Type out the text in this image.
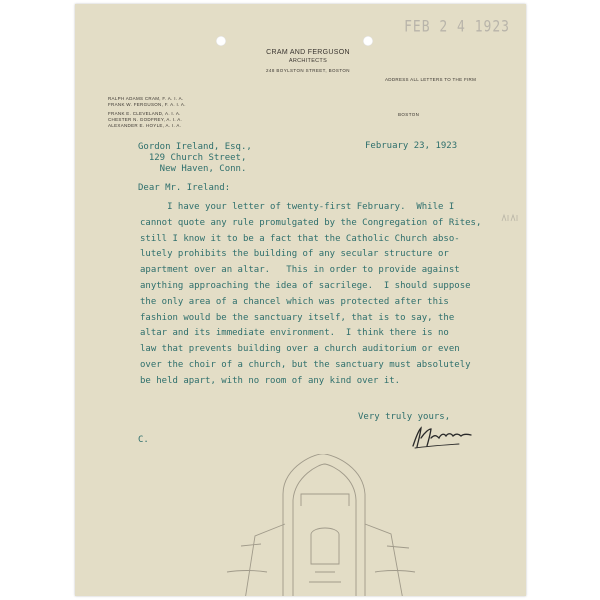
FEB 2 4 1923
CRAM AND FERGUSON
ARCHITECTS
248 BOYLSTON STREET, BOSTON
RALPH ADAMS CRAM, F. A. I. A.
FRANK W. FERGUSON, F. A. I. A.
FRANK E. CLEVELAND, A. I. A.
CHESTER N. GODFREY, A. I. A.
ALEXANDER E. HOYLE, A. I. A.
ADDRESS ALL LETTERS TO THE FIRM
BOSTON
February 23, 1923
Gordon Ireland, Esq.,
129 Church Street,
New Haven, Conn.
Dear Mr. Ireland:
I have your letter of twenty-first February.  While I
cannot quote any rule promulgated by the Congregation of Rites,
still I know it to be a fact that the Catholic Church abso-
lutely prohibits the building of any secular structure or
apartment over an altar.   This in order to provide against
anything approaching the idea of sacrilege.  I should suppose
the only area of a chancel which was protected after this
fashion would be the sanctuary itself, that is to say, the
altar and its immediate environment.  I think there is no
law that prevents building over a church auditorium or even
over the choir of a church, but the sanctuary must absolutely
be held apart, with no room of any kind over it.
Very truly yours,
C.
